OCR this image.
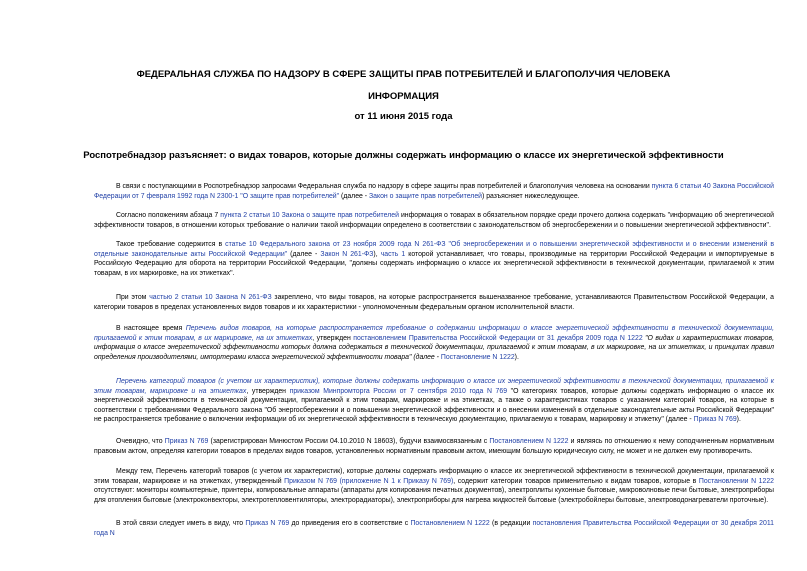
ФЕДЕРАЛЬНАЯ СЛУЖБА ПО НАДЗОРУ В СФЕРЕ ЗАЩИТЫ ПРАВ ПОТРЕБИТЕЛЕЙ И БЛАГОПОЛУЧИЯ ЧЕЛОВЕКА
ИНФОРМАЦИЯ
от 11 июня 2015 года
Роспотребнадзор разъясняет: о видах товаров, которые должны содержать информацию о классе их энергетической эффективности
В связи с поступающими в Роспотребнадзор запросами Федеральная служба по надзору в сфере защиты прав потребителей и благополучия человека на основании пункта 6 статьи 40 Закона Российской Федерации от 7 февраля 1992 года N 2300-1 "О защите прав потребителей" (далее - Закон о защите прав потребителей) разъясняет нижеследующее.
Согласно положениям абзаца 7 пункта 2 статьи 10 Закона о защите прав потребителей информация о товарах в обязательном порядке среди прочего должна содержать "информацию об энергетической эффективности товаров, в отношении которых требование о наличии такой информации определено в соответствии с законодательством об энергосбережении и о повышении энергетической эффективности".
Такое требование содержится в статье 10 Федерального закона от 23 ноября 2009 года N 261-ФЗ "Об энергосбережении и о повышении энергетической эффективности и о внесении изменений в отдельные законодательные акты Российской Федерации" (далее - Закон N 261-ФЗ), часть 1 которой устанавливает, что товары, производимые на территории Российской Федерации и импортируемые в Российскую Федерацию для оборота на территории Российской Федерации, "должны содержать информацию о классе их энергетической эффективности в технической документации, прилагаемой к этим товарам, в их маркировке, на их этикетках".
При этом частью 2 статьи 10 Закона N 261-ФЗ закреплено, что виды товаров, на которые распространяется вышеназванное требование, устанавливаются Правительством Российской Федерации, а категории товаров в пределах установленных видов товаров и их характеристики - уполномоченным федеральным органом исполнительной власти.
В настоящее время Перечень видов товаров, на которые распространяется требование о содержании информации о классе энергетической эффективности в технической документации, прилагаемой к этим товарам, в их маркировке, на их этикетках, утвержден постановлением Правительства Российской Федерации от 31 декабря 2009 года N 1222 "О видах и характеристиках товаров, информация о классе энергетической эффективности которых должна содержаться в технической документации, прилагаемой к этим товарам, в их маркировке, на их этикетках, и принципах правил определения производителями, импортерами класса энергетической эффективности товара" (далее - Постановление N 1222).
Перечень категорий товаров (с учетом их характеристик), которые должны содержать информацию о классе их энергетической эффективности в технической документации, прилагаемой к этим товарам, маркировке и на этикетках, утвержден приказом Минпромторга России от 7 сентября 2010 года N 769 "О категориях товаров, которые должны содержать информацию о классе их энергетической эффективности в технической документации, прилагаемой к этим товарам, маркировке и на этикетках, а также о характеристиках товаров с указанием категорий товаров, на которые в соответствии с требованиями Федерального закона "Об энергосбережении и о повышении энергетической эффективности и о внесении изменений в отдельные законодательные акты Российской Федерации" не распространяется требование о включении информации об их энергетической эффективности в техническую документацию, прилагаемую к товарам, маркировку и этикетку" (далее - Приказ N 769).
Очевидно, что Приказ N 769 (зарегистрирован Минюстом России 04.10.2010 N 18603), будучи взаимосвязанным с Постановлением N 1222 и являясь по отношению к нему соподчиненным нормативным правовым актом, определяя категории товаров в пределах видов товаров, установленных нормативным правовым актом, имеющим большую юридическую силу, не может и не должен ему противоречить.
Между тем, Перечень категорий товаров (с учетом их характеристик), которые должны содержать информацию о классе их энергетической эффективности в технической документации, прилагаемой к этим товарам, маркировке и на этикетках, утвержденный Приказом N 769 (приложение N 1 к Приказу N 769), содержит категории товаров применительно к видам товаров, которые в Постановлении N 1222 отсутствуют: мониторы компьютерные, принтеры, копировальные аппараты (аппараты для копирования печатных документов), электроплиты кухонные бытовые, микроволновые печи бытовые, электроприборы для отопления бытовые (электроконвекторы, электротепловентиляторы, электрорадиаторы), электроприборы для нагрева жидкостей бытовые (электробойлеры бытовые, электроводонагреватели проточные).
В этой связи следует иметь в виду, что Приказ N 769 до приведения его в соответствие с Постановлением N 1222 (в редакции постановления Правительства Российской Федерации от 30 декабря 2011 года N
